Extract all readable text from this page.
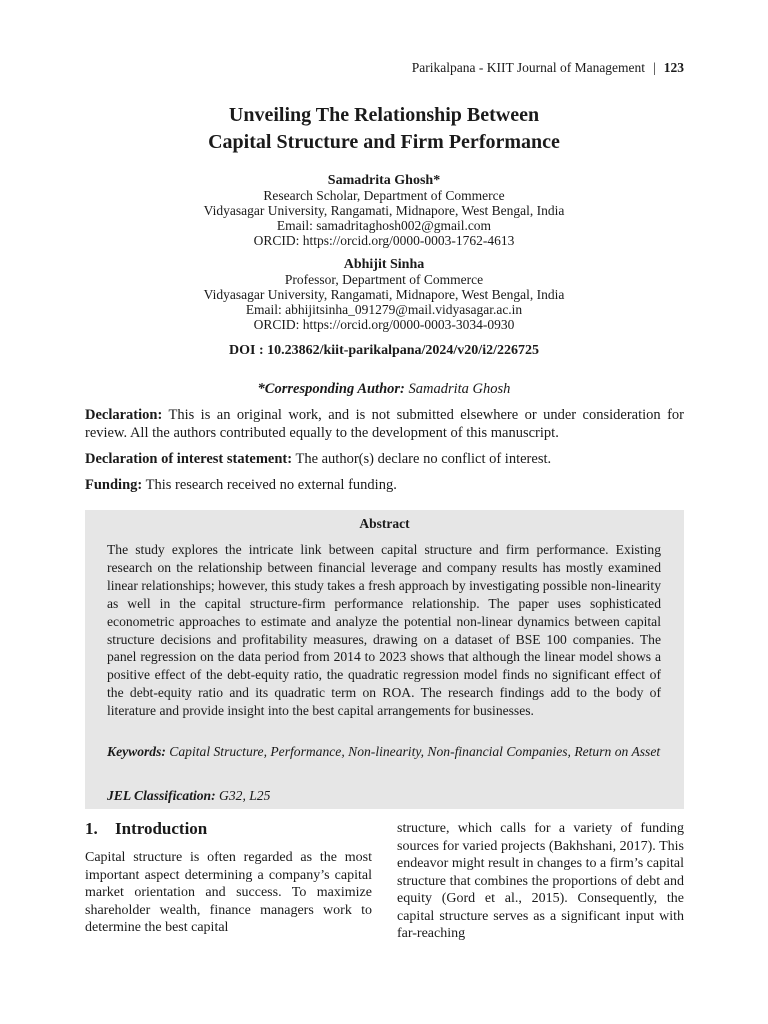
Parikalpana - KIIT Journal of Management | 123
Unveiling The Relationship Between
Capital Structure and Firm Performance
Samadrita Ghosh*
Research Scholar, Department of Commerce
Vidyasagar University, Rangamati, Midnapore, West Bengal, India
Email: samadritaghosh002@gmail.com
ORCID: https://orcid.org/0000-0003-1762-4613
Abhijit Sinha
Professor, Department of Commerce
Vidyasagar University, Rangamati, Midnapore, West Bengal, India
Email: abhijitsinha_091279@mail.vidyasagar.ac.in
ORCID: https://orcid.org/0000-0003-3034-0930
DOI : 10.23862/kiit-parikalpana/2024/v20/i2/226725
*Corresponding Author: Samadrita Ghosh
Declaration: This is an original work, and is not submitted elsewhere or under consideration for review. All the authors contributed equally to the development of this manuscript.
Declaration of interest statement: The author(s) declare no conflict of interest.
Funding: This research received no external funding.
Abstract
The study explores the intricate link between capital structure and firm performance. Existing research on the relationship between financial leverage and company results has mostly examined linear relationships; however, this study takes a fresh approach by investigating possible non-linearity as well in the capital structure-firm performance relationship. The paper uses sophisticated econometric approaches to estimate and analyze the potential non-linear dynamics between capital structure decisions and profitability measures, drawing on a dataset of BSE 100 companies. The panel regression on the data period from 2014 to 2023 shows that although the linear model shows a positive effect of the debt-equity ratio, the quadratic regression model finds no significant effect of the debt-equity ratio and its quadratic term on ROA. The research findings add to the body of literature and provide insight into the best capital arrangements for businesses.
Keywords: Capital Structure, Performance, Non-linearity, Non-financial Companies, Return on Asset
JEL Classification: G32, L25
1. Introduction
Capital structure is often regarded as the most important aspect determining a company’s capital market orientation and success. To maximize shareholder wealth, finance managers work to determine the best capital
structure, which calls for a variety of funding sources for varied projects (Bakhshani, 2017). This endeavor might result in changes to a firm’s capital structure that combines the proportions of debt and equity (Gord et al., 2015). Consequently, the capital structure serves as a significant input with far-reaching
